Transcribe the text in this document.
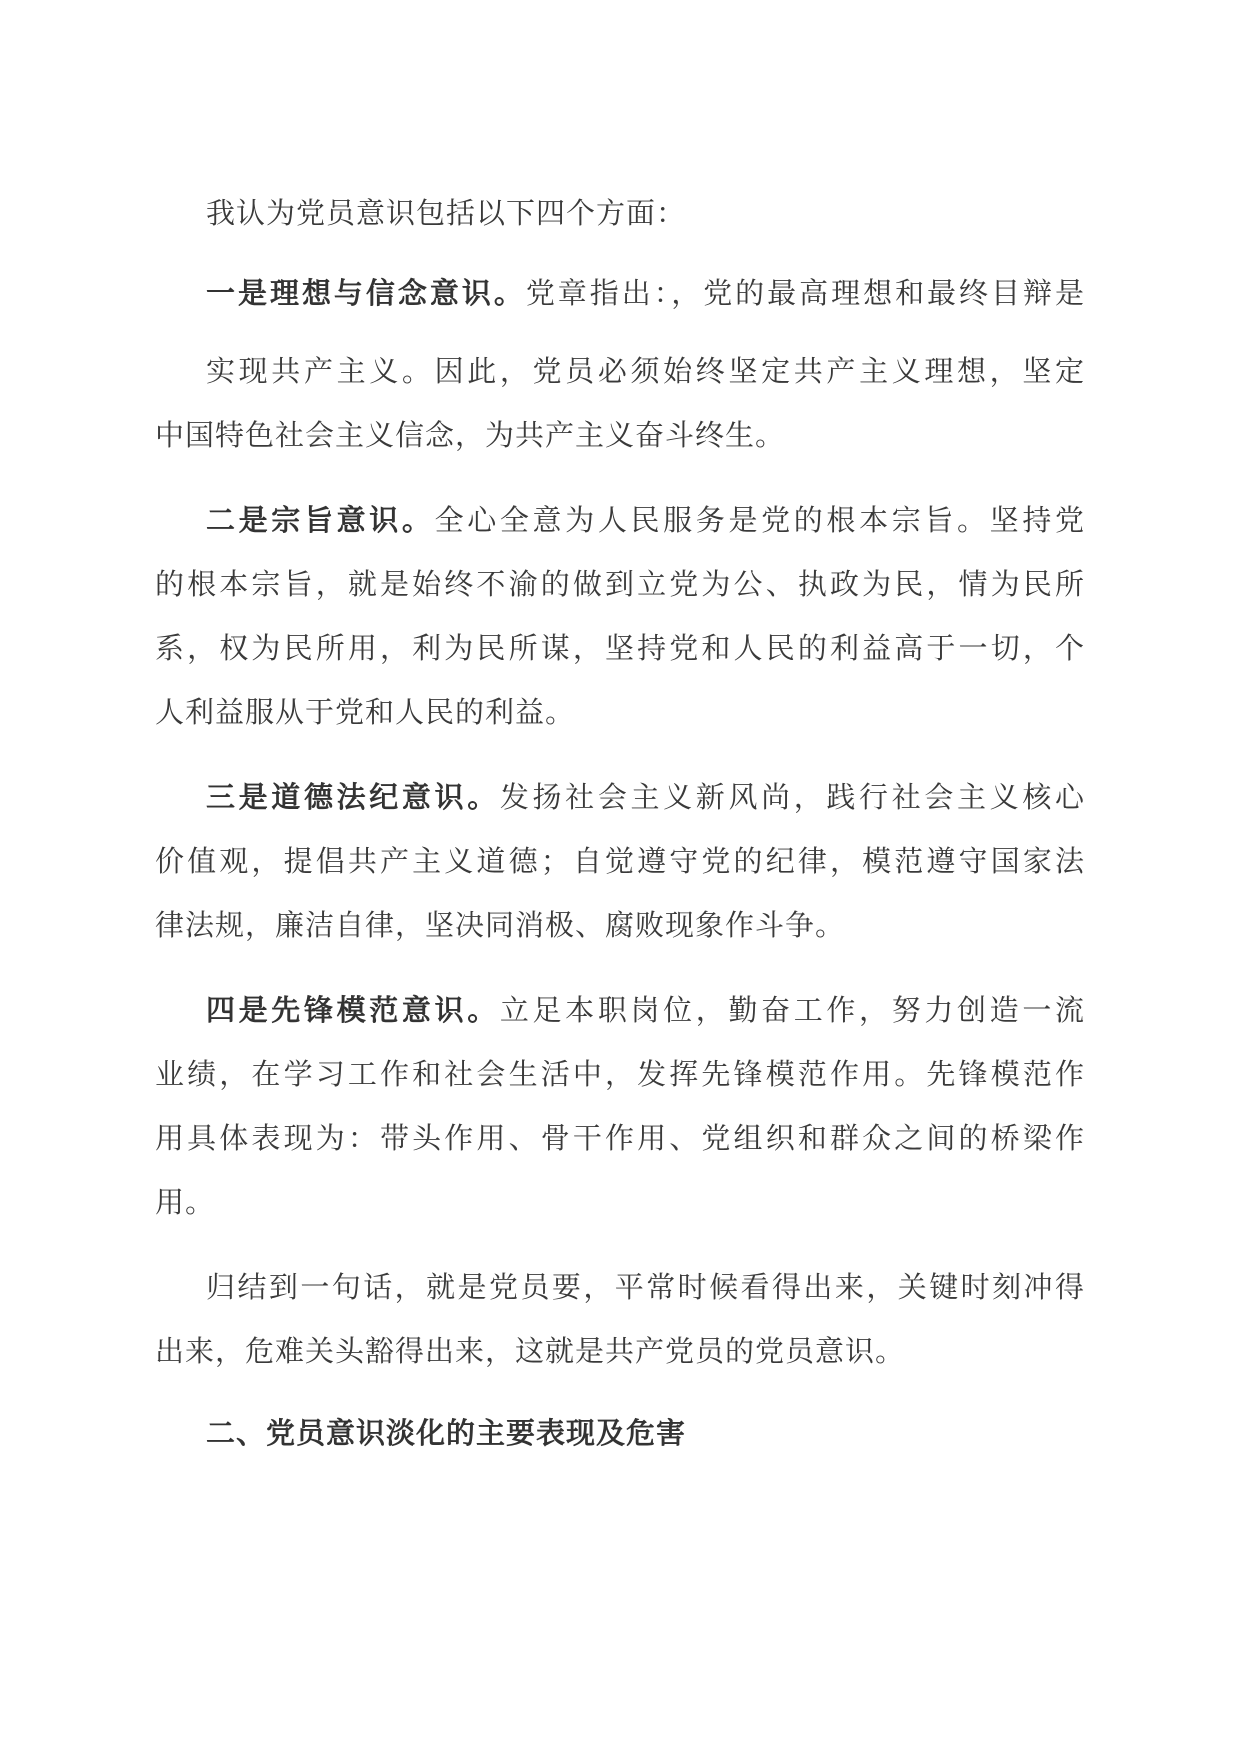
我认为党员意识包括以下四个方面：
一是理想与信念意识。党章指出：，党的最高理想和最终目辩是
实现共产主义。因此，党员必须始终坚定共产主义理想，坚定
中国特色社会主义信念，为共产主义奋斗终生。
二是宗旨意识。全心全意为人民服务是党的根本宗旨。坚持党
的根本宗旨，就是始终不渝的做到立党为公、执政为民，情为民所
系，权为民所用，利为民所谋，坚持党和人民的利益高于一切，个
人利益服从于党和人民的利益。
三是道德法纪意识。发扬社会主义新风尚，践行社会主义核心
价值观，提倡共产主义道德；自觉遵守党的纪律，模范遵守国家法
律法规，廉洁自律，坚决同消极、腐败现象作斗争。
四是先锋模范意识。立足本职岗位，勤奋工作，努力创造一流
业绩，在学习工作和社会生活中，发挥先锋模范作用。先锋模范作
用具体表现为：带头作用、骨干作用、党组织和群众之间的桥梁作
用。
归结到一句话，就是党员要，平常时候看得出来，关键时刻冲得
出来，危难关头豁得出来，这就是共产党员的党员意识。
二、党员意识淡化的主要表现及危害
